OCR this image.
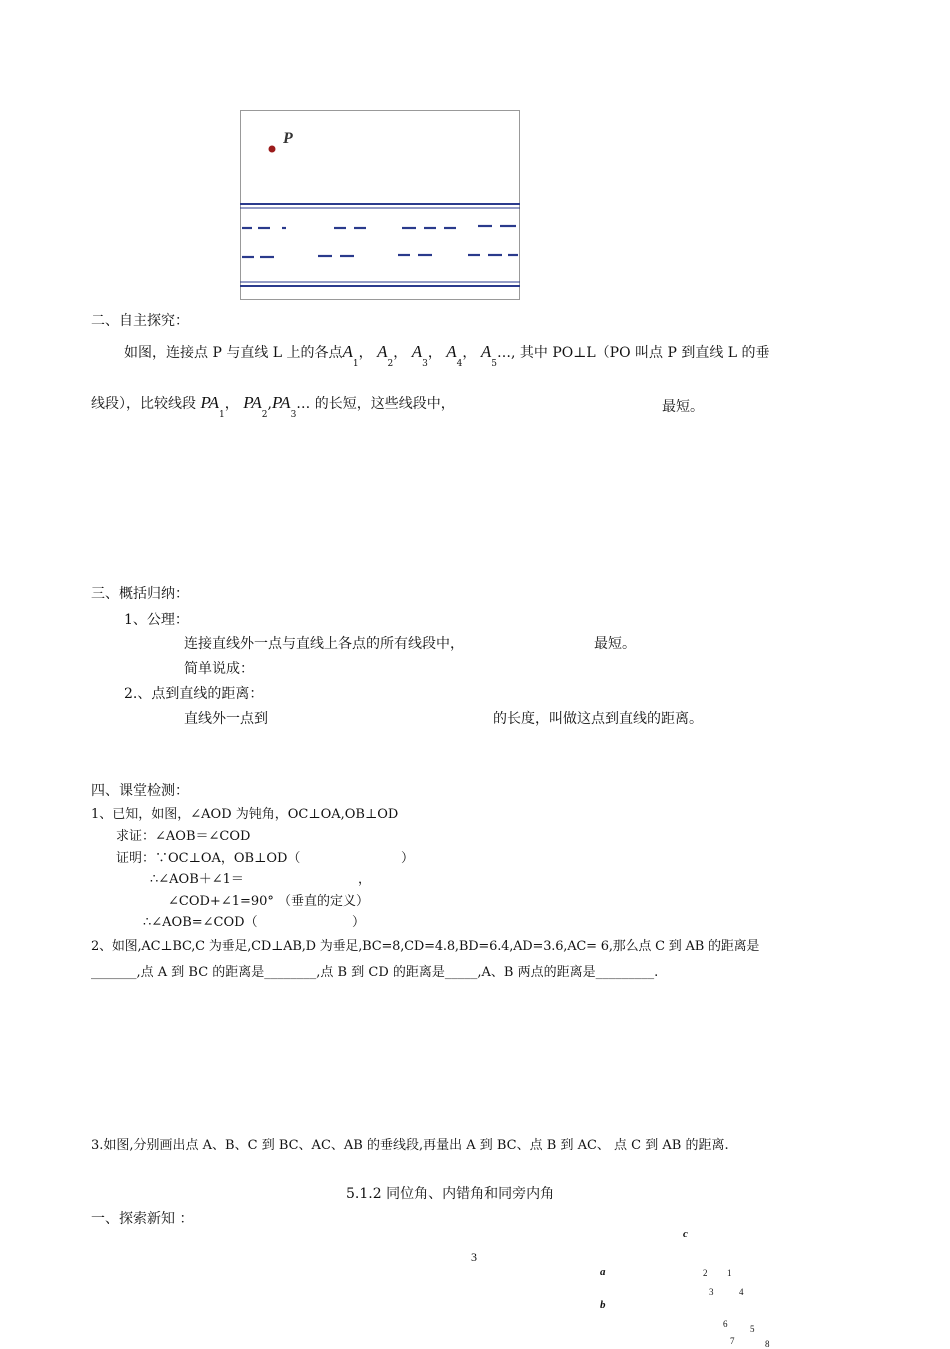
P
二、自主探究：
如图，连接点 P 与直线 L 上的各点$A_1$， $A_2$， $A_3$， $A_4$， $A_5\dots$, 其中 PO⊥L（PO 叫点 P 到直线 L 的垂
线段），比较线段 $PA_1$， $PA_2,PA_3\dots$ 的长短，这些线段中，	最短。
三、概括归纳：
1、公理：
连接直线外一点与直线上各点的所有线段中，	最短。
简单说成：
2.、点到直线的距离：
直线外一点到	的长度，叫做这点到直线的距离。
四、课堂检测：
1、已知，如图，∠AOD 为钝角，OC⊥OA,OB⊥OD
求证：∠AOB＝∠COD
证明：∵OC⊥OA，OB⊥OD（	）
∴∠AOB＋∠1＝	，
∠COD+∠1=90° （垂直的定义）
∴∠AOB=∠COD（	）
2、如图,AC⊥BC,C 为垂足,CD⊥AB,D 为垂足,BC=8,CD=4.8,BD=6.4,AD=3.6,AC= 6,那么点 C 到 AB 的距离是
_______,点 A 到 BC 的距离是________,点 B 到 CD 的距离是_____,A、B 两点的距离是_________.
3.如图,分别画出点 A、B、C 到 BC、AC、AB 的垂线段,再量出 A 到 BC、点 B 到 AC、 点 C 到 AB 的距离.
5.1.2 同位角、内错角和同旁内角
一、探索新知 ：
3
c
a
b
2 1
3	4
6	5
7	8
